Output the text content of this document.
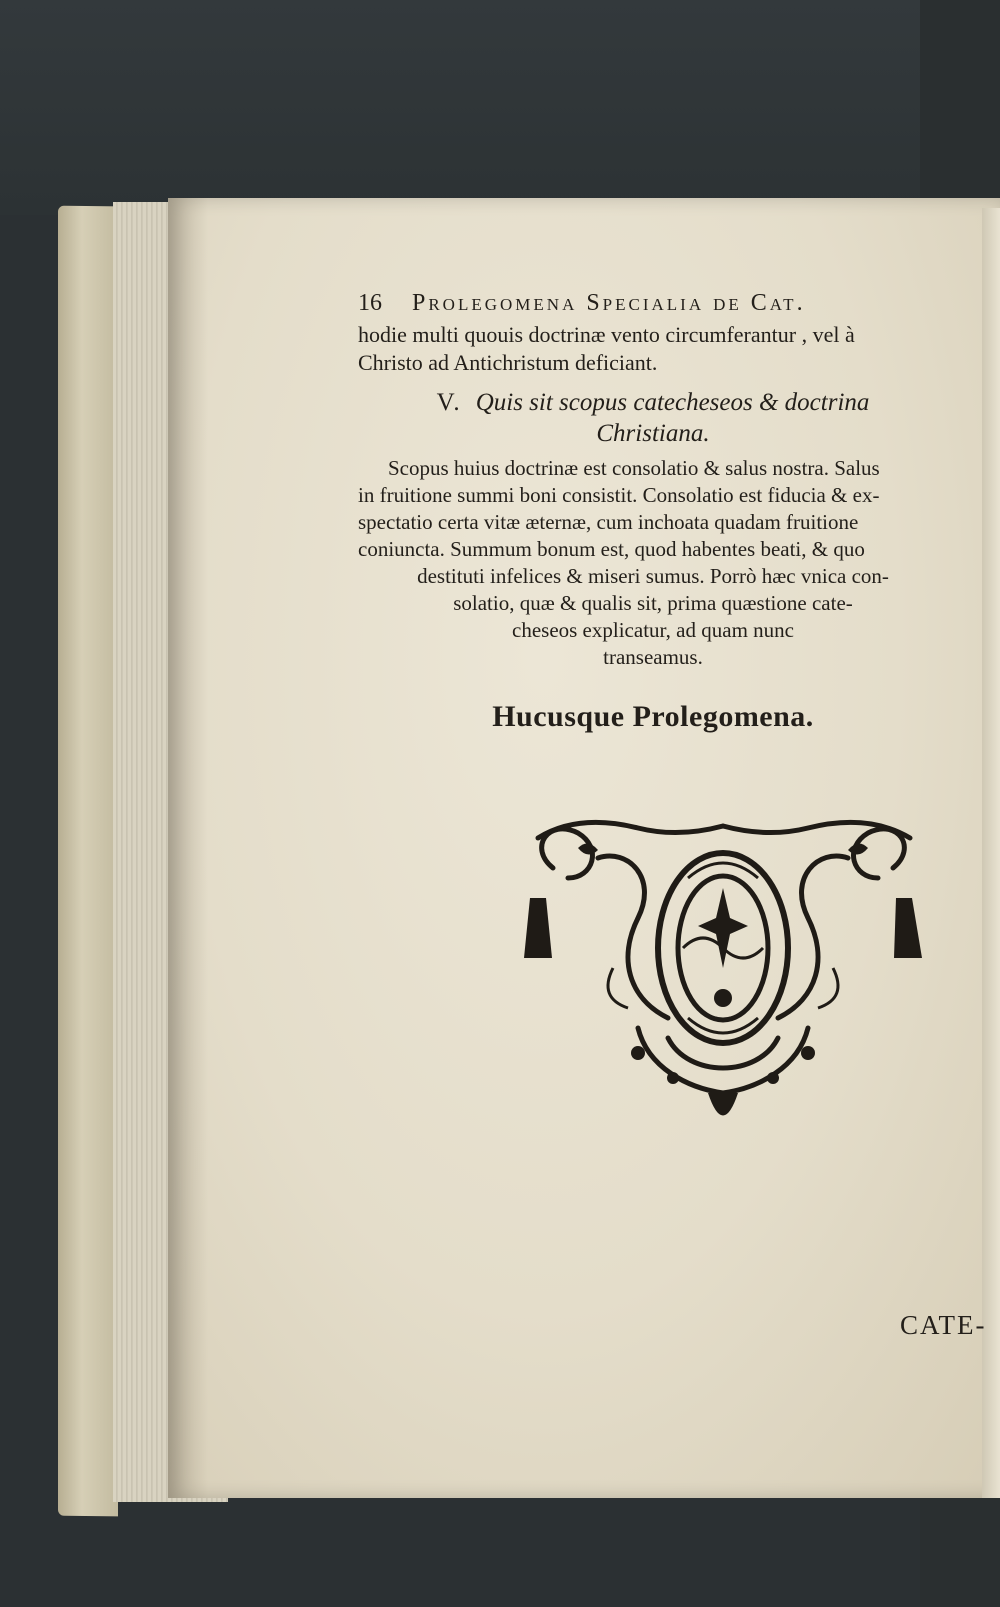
16 Prolegomena Specialia de Cat.
hodie multi quouis doctrinæ vento circumferantur , vel à
Christo ad Antichristum deficiant.
V. Quis sit scopus catecheseos & doctrina
Christiana.
Scopus huius doctrinæ est consolatio & salus nostra. Salus
in fruitione summi boni consistit. Consolatio est fiducia & ex-
spectatio certa vitæ æternæ, cum inchoata quadam fruitione
coniuncta. Summum bonum est, quod habentes beati, & quo
destituti infelices & miseri sumus. Porrò hæc vnica con-
solatio, quæ & qualis sit, prima quæstione cate-
cheseos explicatur, ad quam nunc
transeamus.
Hucusque Prolegomena.
CATE-
